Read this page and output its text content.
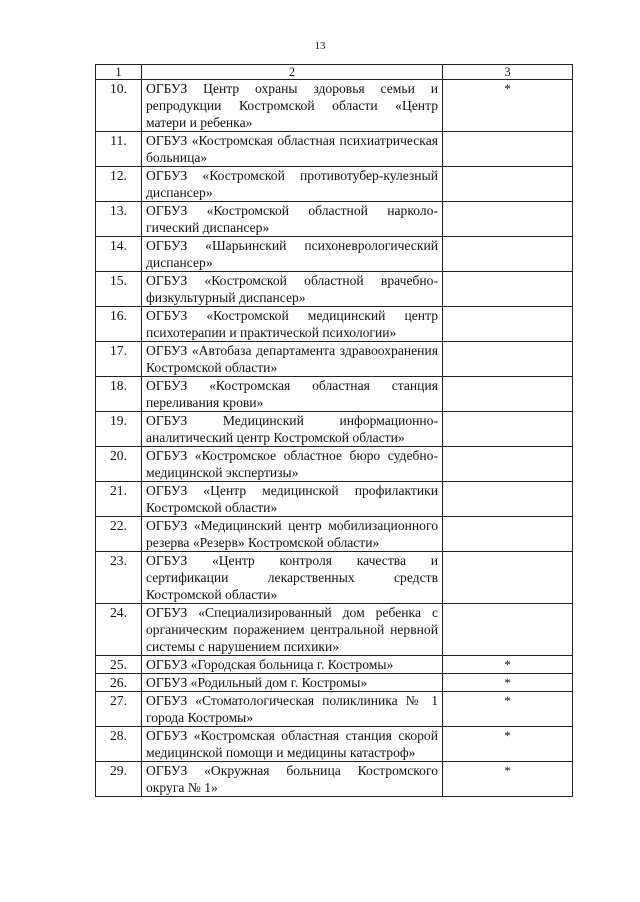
13
1	2	3
10.	ОГБУЗ Центр охраны здоровья семьи и репродукции Костромской области «Центр матери и ребенка»	*
11.	ОГБУЗ «Костромская областная психиатрическая больница»	
12.	ОГБУЗ «Костромской противотубер-кулезный диспансер»	
13.	ОГБУЗ «Костромской областной нарколо-гический диспансер»	
14.	ОГБУЗ «Шарьинский психоневрологический диспансер»	
15.	ОГБУЗ «Костромской областной врачебно-физкультурный диспансер»	
16.	ОГБУЗ «Костромской медицинский центр психотерапии и практической психологии»	
17.	ОГБУЗ «Автобаза департамента здравоохранения Костромской области»	
18.	ОГБУЗ «Костромская областная станция переливания крови»	
19.	ОГБУЗ Медицинский информационно-аналитический центр Костромской области»	
20.	ОГБУЗ «Костромское областное бюро судебно-медицинской экспертизы»	
21.	ОГБУЗ «Центр медицинской профилактики Костромской области»	
22.	ОГБУЗ «Медицинский центр мобилизационного резерва «Резерв» Костромской области»	
23.	ОГБУЗ «Центр контроля качества и сертификации лекарственных средств Костромской области»	
24.	ОГБУЗ «Специализированный дом ребенка с органическим поражением центральной нервной системы с нарушением психики»	
25.	ОГБУЗ «Городская больница г. Костромы»	*
26.	ОГБУЗ «Родильный дом г. Костромы»	*
27.	ОГБУЗ «Стоматологическая поликлиника № 1 города Костромы»	*
28.	ОГБУЗ «Костромская областная станция скорой медицинской помощи и медицины катастроф»	*
29.	ОГБУЗ «Окружная больница Костромского округа № 1»	*
